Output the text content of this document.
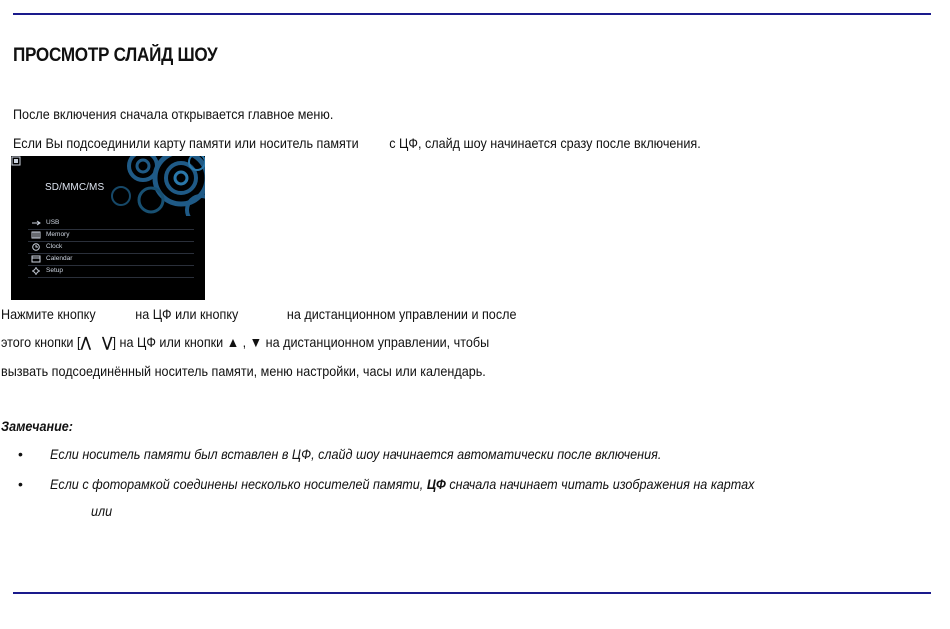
ПРОСМОТР СЛАЙД ШОУ
После включения сначала открывается главное меню.
Если Вы подсоединили карту памяти или носитель памяти с ЦФ, слайд шоу начинается сразу после включения.
SD/MMC/MS
USB
Memory
Clock
Calendar
Setup
Нажмите кнопку	на ЦФ или кнопку	на дистанционном управлении и после
этого кнопки [⋀ ⋁] на ЦФ или кнопки ▲ , ▼ на дистанционном управлении, чтобы
вызвать подсоединённый носитель памяти, меню настройки, часы или календарь.
Замечание:
• Если носитель памяти был вставлен в ЦФ, слайд шоу начинается автоматически после включения.
• Если с фоторамкой соединены несколько носителей памяти, ЦФ сначала начинает читать изображения на картах
или
